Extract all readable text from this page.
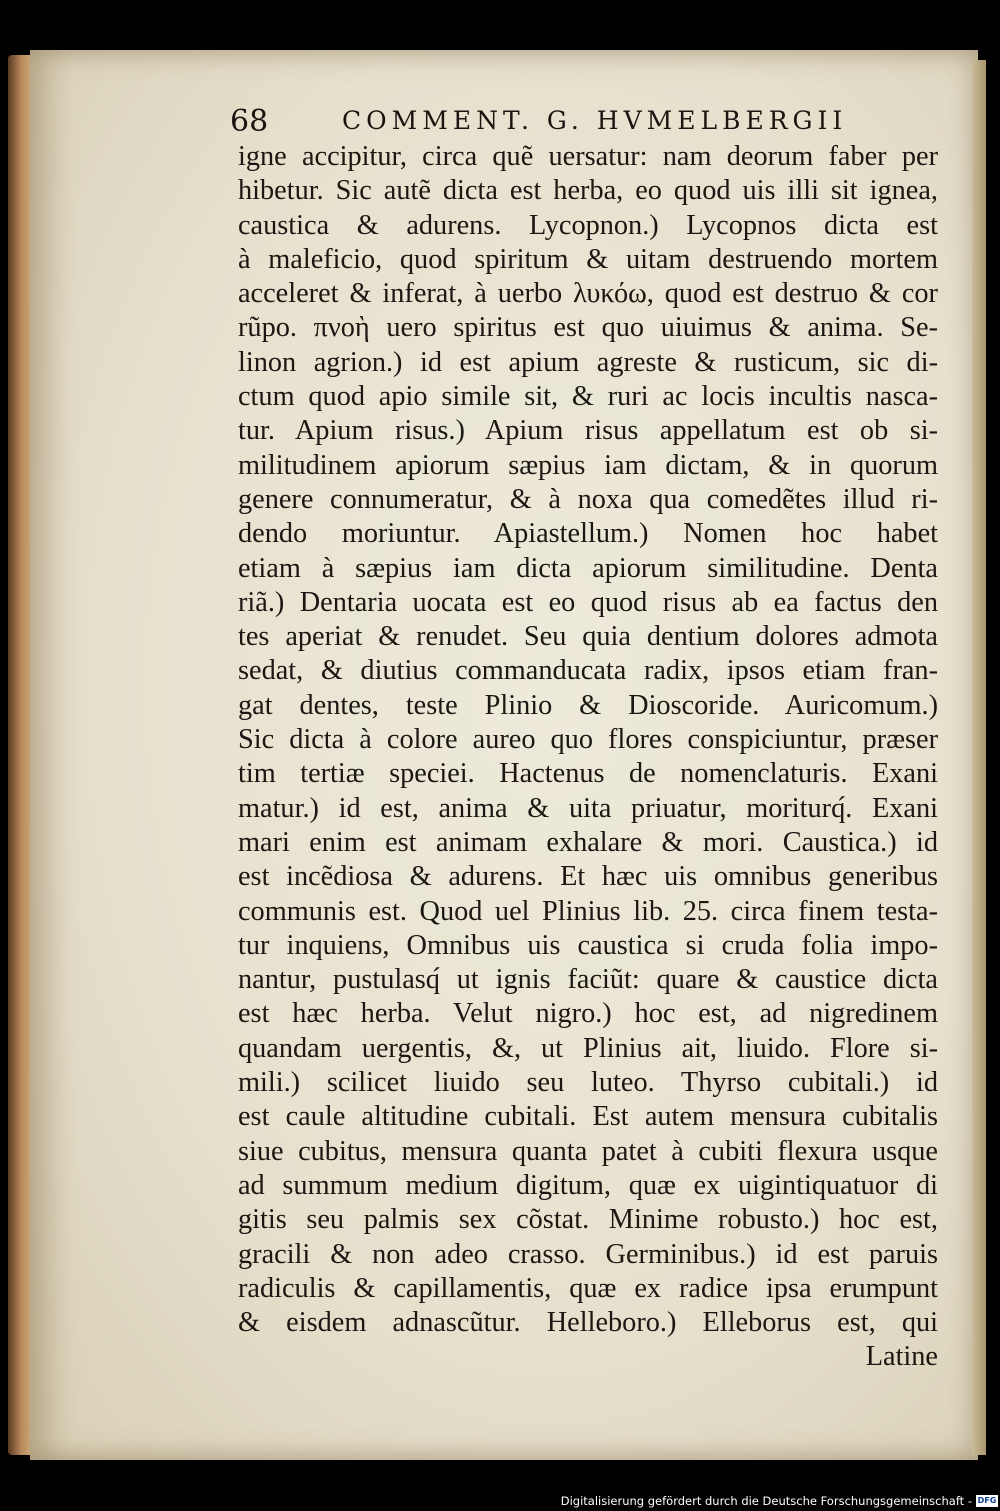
68	COMMENT. G. HVMELBERGII
igne accipitur, circa quẽ uersatur: nam deorum faber per
hibetur. Sic autẽ dicta est herba, eo quod uis illi sit ignea,
caustica & adurens. Lycopnon.) Lycopnos dicta est
à maleficio, quod spiritum & uitam destruendo mortem
acceleret & inferat, à uerbo λυκόω, quod est destruo & cor
rũpo. πνοὴ uero spiritus est quo uiuimus & anima. Se-
linon agrion.) id est apium agreste & rusticum, sic di-
ctum quod apio simile sit, & ruri ac locis incultis nasca-
tur. Apium risus.) Apium risus appellatum est ob si-
militudinem apiorum sæpius iam dictam, & in quorum
genere connumeratur, & à noxa qua comedẽtes illud ri-
dendo moriuntur. Apiastellum.) Nomen hoc habet
etiam à sæpius iam dicta apiorum similitudine. Denta
riã.) Dentaria uocata est eo quod risus ab ea factus den
tes aperiat & renudet. Seu quia dentium dolores admota
sedat, & diutius commanducata radix, ipsos etiam fran-
gat dentes, teste Plinio & Dioscoride. Auricomum.)
Sic dicta à colore aureo quo flores conspiciuntur, præser
tim tertiæ speciei. Hactenus de nomenclaturis. Exani
matur.) id est, anima & uita priuatur, moriturq́. Exani
mari enim est animam exhalare & mori. Caustica.) id
est incẽdiosa & adurens. Et hæc uis omnibus generibus
communis est. Quod uel Plinius lib. 25. circa finem testa-
tur inquiens, Omnibus uis caustica si cruda folia impo-
nantur, pustulasq́ ut ignis faciũt: quare & caustice dicta
est hæc herba. Velut nigro.) hoc est, ad nigredinem
quandam uergentis, &, ut Plinius ait, liuido. Flore si-
mili.) scilicet liuido seu luteo. Thyrso cubitali.) id
est caule altitudine cubitali. Est autem mensura cubitalis
siue cubitus, mensura quanta patet à cubiti flexura usque
ad summum medium digitum, quæ ex uigintiquatuor di
gitis seu palmis sex cõstat. Minime robusto.) hoc est,
gracili & non adeo crasso. Germinibus.) id est paruis
radiculis & capillamentis, quæ ex radice ipsa erumpunt
& eisdem adnascũtur. Helleboro.) Elleborus est, qui
Latine
Digitalisierung gefördert durch die Deutsche Forschungsgemeinschaft - DFG
